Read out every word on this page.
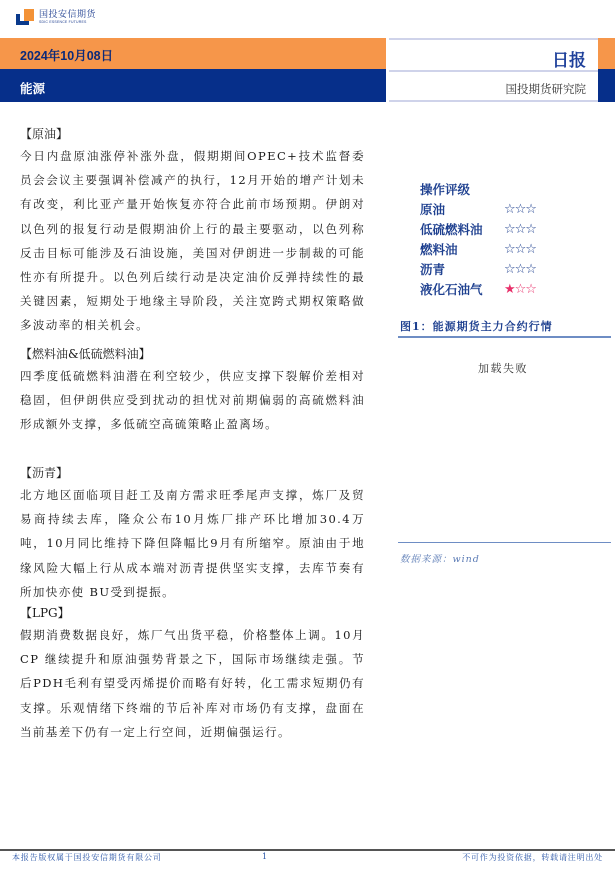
国投安信期货
SDIC ESSENCE FUTURES
2024年10月08日
能源
日报
国投期货研究院

【原油】

今日内盘原油涨停补涨外盘，假期期间OPEC+技术监督委员会会议主要强调补偿减产的执行，12月开始的增产计划未有改变，利比亚产量开始恢复亦符合此前市场预期。伊朗对以色列的报复行动是假期油价上行的最主要驱动，以色列称反击目标可能涉及石油设施，美国对伊朗进一步制裁的可能性亦有所提升。以色列后续行动是决定油价反弹持续性的最关键因素，短期处于地缘主导阶段，关注宽跨式期权策略做多波动率的相关机会。

【燃料油&低硫燃料油】

四季度低硫燃料油潜在利空较少，供应支撑下裂解价差相对稳固，但伊朗供应受到扰动的担忧对前期偏弱的高硫燃料油形成额外支撑，多低硫空高硫策略止盈离场。

【沥青】

北方地区面临项目赶工及南方需求旺季尾声支撑，炼厂及贸易商持续去库，隆众公布10月炼厂排产环比增加30.4万吨，10月同比维持下降但降幅比9月有所缩窄。原油由于地缘风险大幅上行从成本端对沥青提供坚实支撑，去库节奏有所加快亦使 BU受到提振。

【LPG】

假期消费数据良好，炼厂气出货平稳，价格整体上调。10月CP 继续提升和原油强势背景之下，国际市场继续走强。节后PDH毛利有望受丙烯提价而略有好转，化工需求短期仍有支撑。乐观情绪下终端的节后补库对市场仍有支撑，盘面在当前基差下仍有一定上行空间，近期偏强运行。

操作评级
原油	☆☆☆
低硫燃料油	☆☆☆
燃料油	☆☆☆
沥青	☆☆☆
液化石油气	★☆☆
图1：能源期货主力合约行情
加载失败
数据来源：wind
本报告版权属于国投安信期货有限公司	1	不可作为投资依据，转载请注明出处
